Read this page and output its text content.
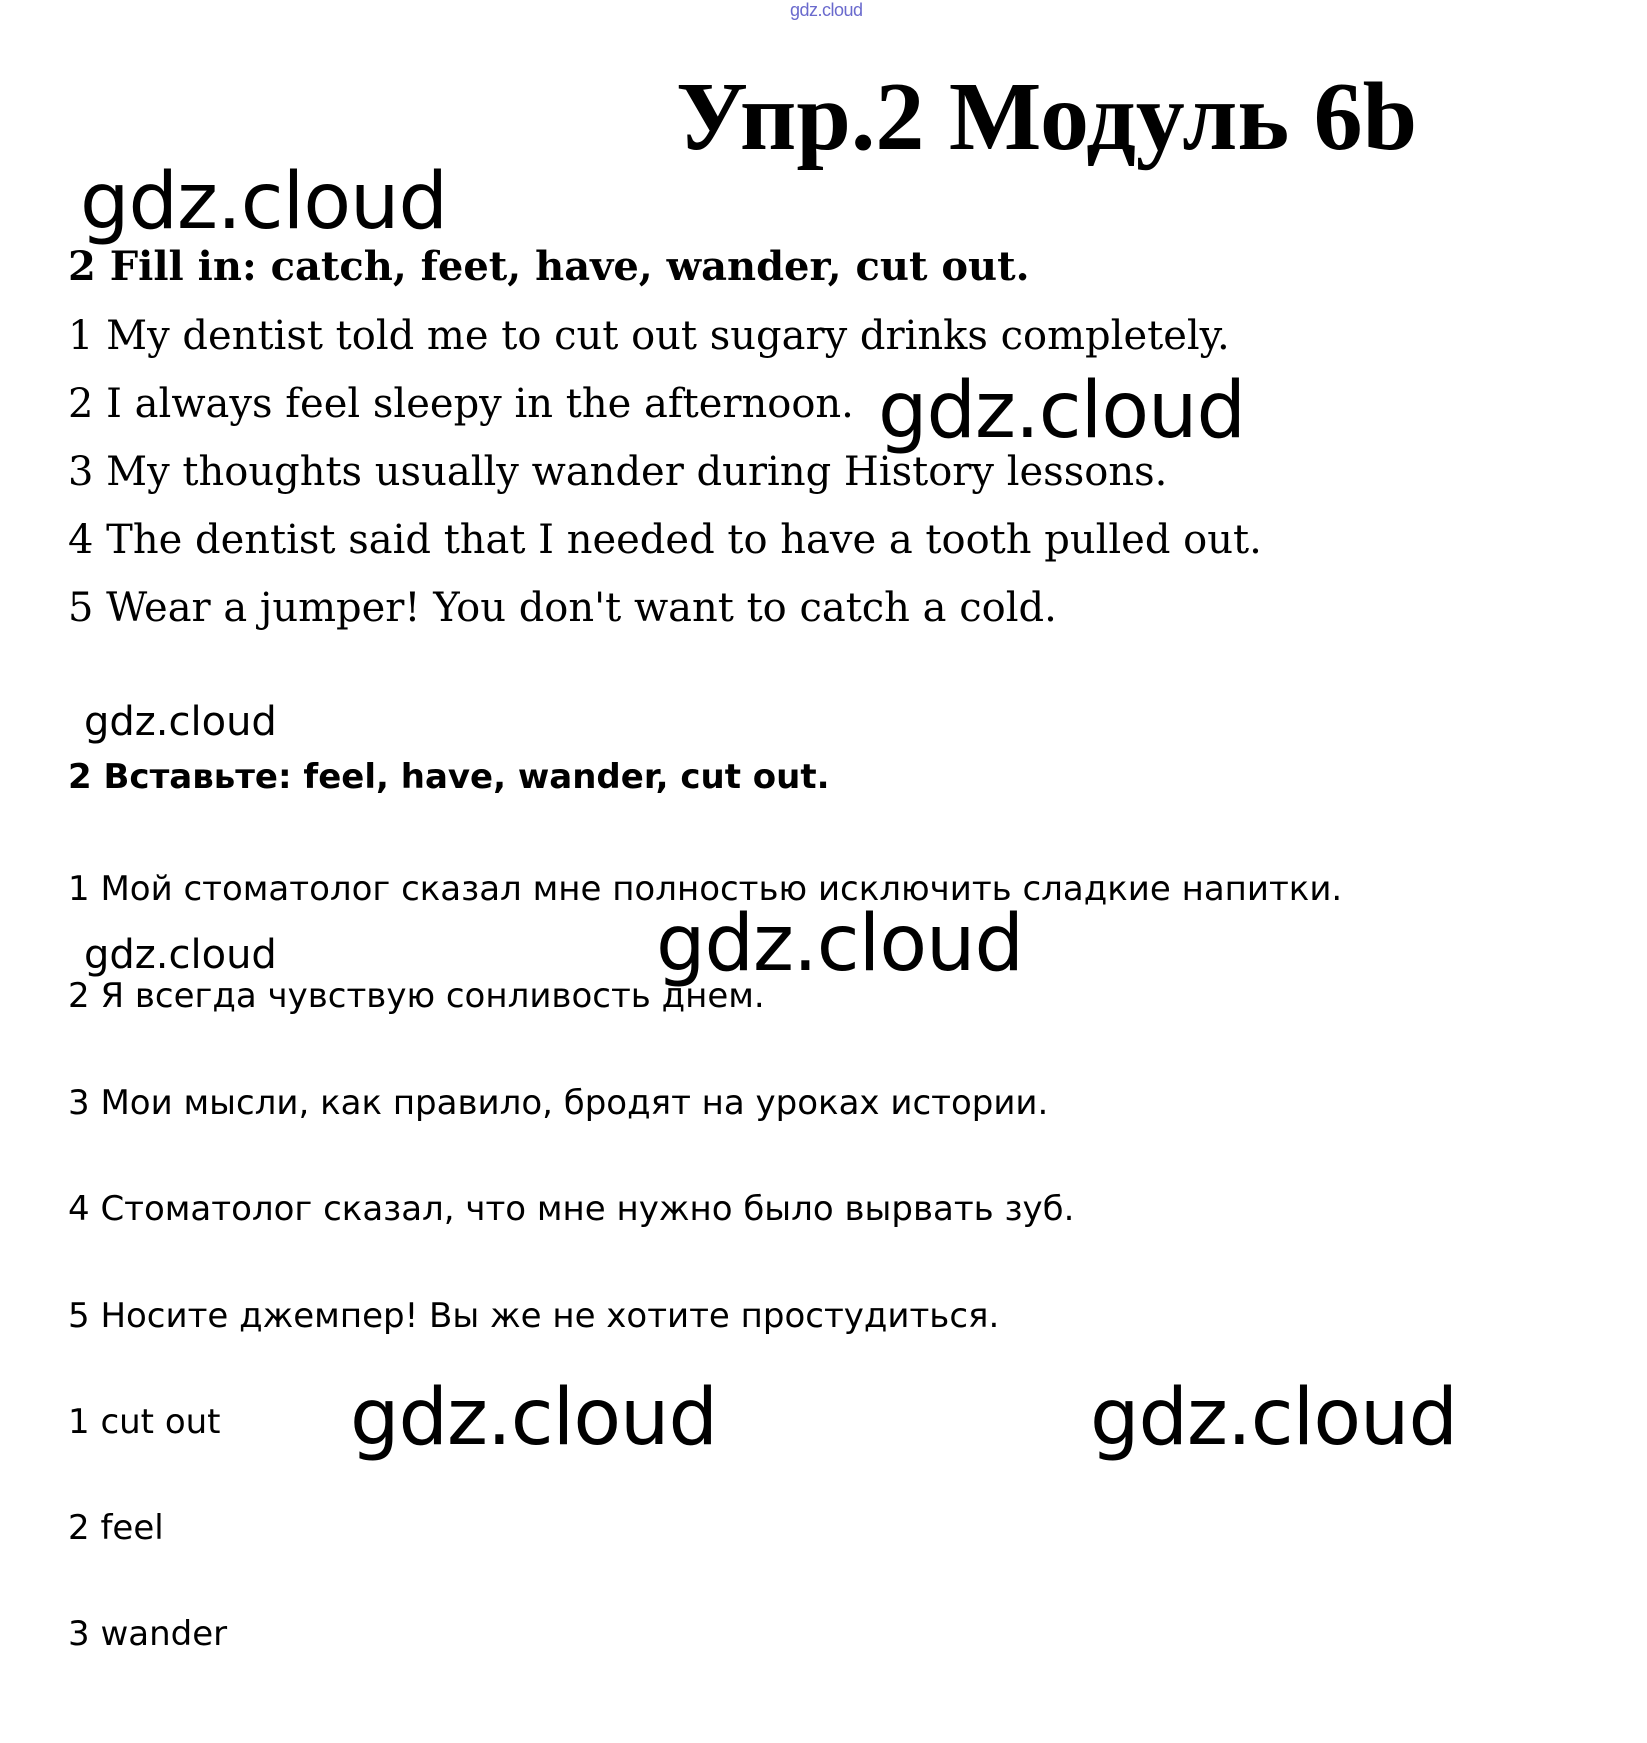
gdz.cloud
Упр.2 Модуль 6b
gdz.cloud
2 Fill in: catch, feet, have, wander, cut out.
1 My dentist told me to cut out sugary drinks completely.
2 I always feel sleepy in the afternoon. gdz.cloud
3 My thoughts usually wander during History lessons.
4 The dentist said that I needed to have a tooth pulled out.
5 Wear a jumper! You don't want to catch a cold.
gdz.cloud
2 Вставьте: feel, have, wander, cut out.
1 Мой стоматолог сказал мне полностью исключить сладкие напитки.
gdz.cloud
gdz.cloud
2 Я всегда чувствую сонливость днем.
3 Мои мысли, как правило, бродят на уроках истории.
4 Стоматолог сказал, что мне нужно было вырвать зуб.
5 Носите джемпер! Вы же не хотите простудиться.
1 cut out gdz.cloud	gdz.cloud
2 feel
3 wander
